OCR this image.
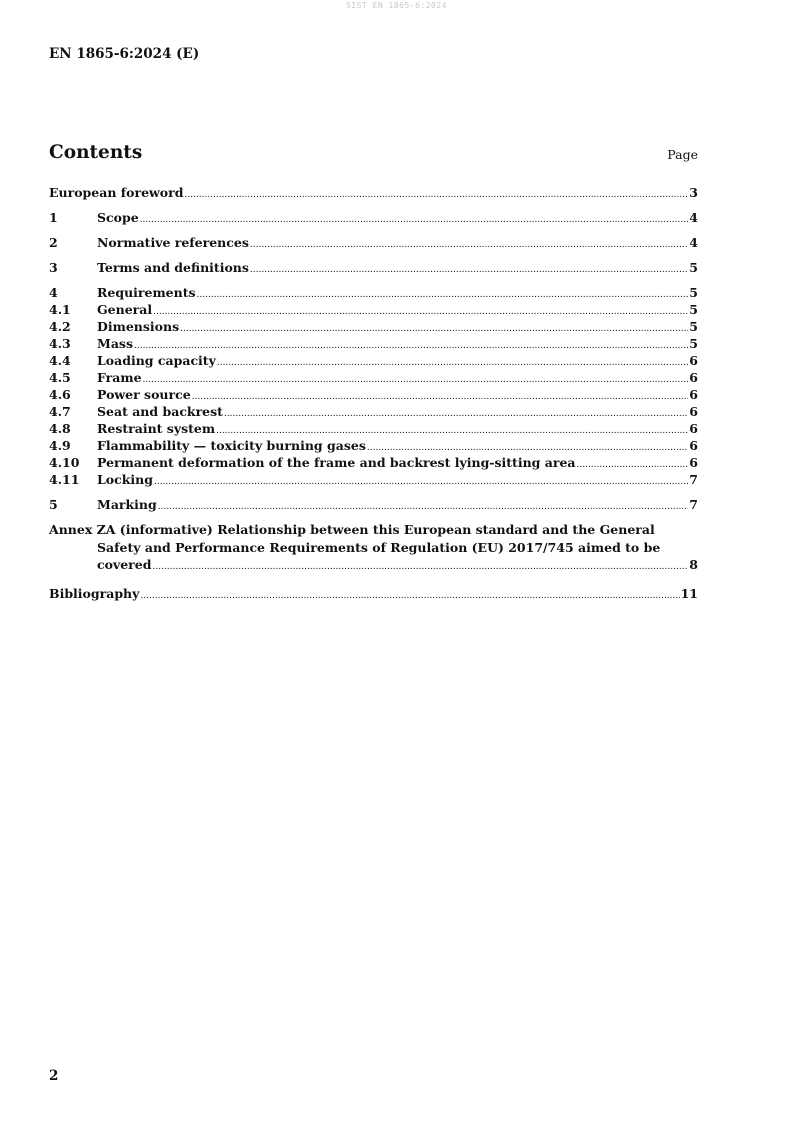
SIST EN 1865-6:2024
EN 1865-6:2024 (E)
Contents	Page
European foreword .....	3
1	Scope .....	4
2	Normative references .....	4
3	Terms and definitions .....	5
4	Requirements .....	5
4.1	General .....	5
4.2	Dimensions .....	5
4.3	Mass .....	5
4.4	Loading capacity .....	6
4.5	Frame .....	6
4.6	Power source .....	6
4.7	Seat and backrest .....	6
4.8	Restraint system .....	6
4.9	Flammability — toxicity burning gases .....	6
4.10	Permanent deformation of the frame and backrest lying-sitting area .....	6
4.11	Locking .....	7
5	Marking .....	7
Annex ZA (informative) Relationship between this European standard and the General
Safety and Performance Requirements of Regulation (EU) 2017/745 aimed to be
covered .....	8
Bibliography .....	11
2
